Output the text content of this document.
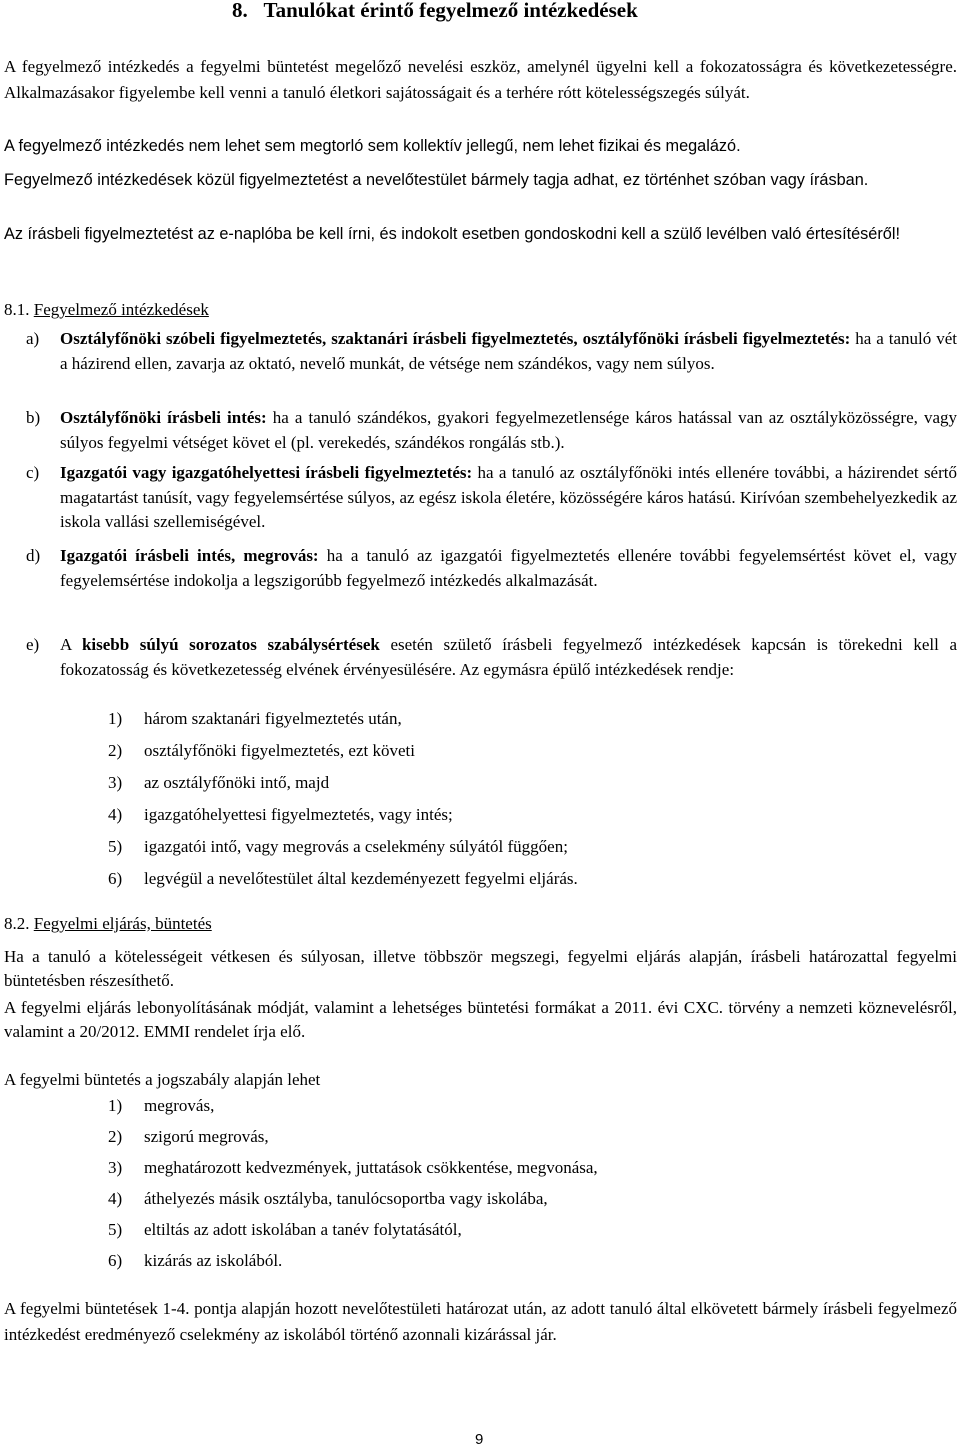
8.   Tanulókat érintő fegyelmező intézkedések
A fegyelmező intézkedés a fegyelmi büntetést megelőző nevelési eszköz, amelynél ügyelni kell a fokozatosságra és következetességre. Alkalmazásakor figyelembe kell venni a tanuló életkori sajátosságait és a terhére rótt kötelességszegés súlyát.
A fegyelmező intézkedés nem lehet sem megtorló sem kollektív jellegű, nem lehet fizikai és megalázó.
Fegyelmező intézkedések közül figyelmeztetést a nevelőtestület bármely tagja adhat, ez történhet szóban vagy írásban.
Az írásbeli figyelmeztetést az e-naplóba be kell írni, és indokolt esetben gondoskodni kell a szülő levélben való értesítéséről!
8.1. Fegyelmező intézkedések
a)	Osztályfőnöki szóbeli figyelmeztetés, szaktanári írásbeli figyelmeztetés, osztályfőnöki írásbeli figyelmeztetés: ha a tanuló vét a házirend ellen, zavarja az oktató, nevelő munkát, de vétsége nem szándékos, vagy nem súlyos.
b)	Osztályfőnöki írásbeli intés: ha a tanuló szándékos, gyakori fegyelmezetlensége káros hatással van az osztályközösségre, vagy súlyos fegyelmi vétséget követ el (pl. verekedés, szándékos rongálás stb.).
c)	Igazgatói vagy igazgatóhelyettesi írásbeli figyelmeztetés: ha a tanuló az osztályfőnöki intés ellenére további, a házirendet sértő magatartást tanúsít, vagy fegyelemsértése súlyos, az egész iskola életére, közösségére káros hatású. Kirívóan szembehelyezkedik az iskola vallási szellemiségével.
d)	Igazgatói írásbeli intés, megrovás: ha a tanuló az igazgatói figyelmeztetés ellenére további fegyelemsértést követ el, vagy fegyelemsértése indokolja a legszigorúbb fegyelmező intézkedés alkalmazását.
e)	A kisebb súlyú sorozatos szabálysértések esetén születő írásbeli fegyelmező intézkedések kapcsán is törekedni kell a fokozatosság és következetesség elvének érvényesülésére. Az egymásra épülő intézkedések rendje:
1) három szaktanári figyelmeztetés után,
2) osztályfőnöki figyelmeztetés, ezt követi
3) az osztályfőnöki intő, majd
4) igazgatóhelyettesi figyelmeztetés, vagy intés;
5) igazgatói intő, vagy megrovás a cselekmény súlyától függően;
6) legvégül a nevelőtestület által kezdeményezett fegyelmi eljárás.
8.2. Fegyelmi eljárás, büntetés
Ha a tanuló a kötelességeit vétkesen és súlyosan, illetve többször megszegi, fegyelmi eljárás alapján, írásbeli határozattal fegyelmi büntetésben részesíthető.
A fegyelmi eljárás lebonyolításának módját, valamint a lehetséges büntetési formákat a 2011. évi CXC. törvény a nemzeti köznevelésről, valamint a 20/2012. EMMI rendelet írja elő.
A fegyelmi büntetés a jogszabály alapján lehet
1) megrovás,
2) szigorú megrovás,
3) meghatározott kedvezmények, juttatások csökkentése, megvonása,
4) áthelyezés másik osztályba, tanulócsoportba vagy iskolába,
5) eltiltás az adott iskolában a tanév folytatásától,
6) kizárás az iskolából.
A fegyelmi büntetések 1-4. pontja alapján hozott nevelőtestületi határozat után, az adott tanuló által elkövetett bármely írásbeli fegyelmező intézkedést eredményező cselekmény az iskolából történő azonnali kizárással jár.
9
